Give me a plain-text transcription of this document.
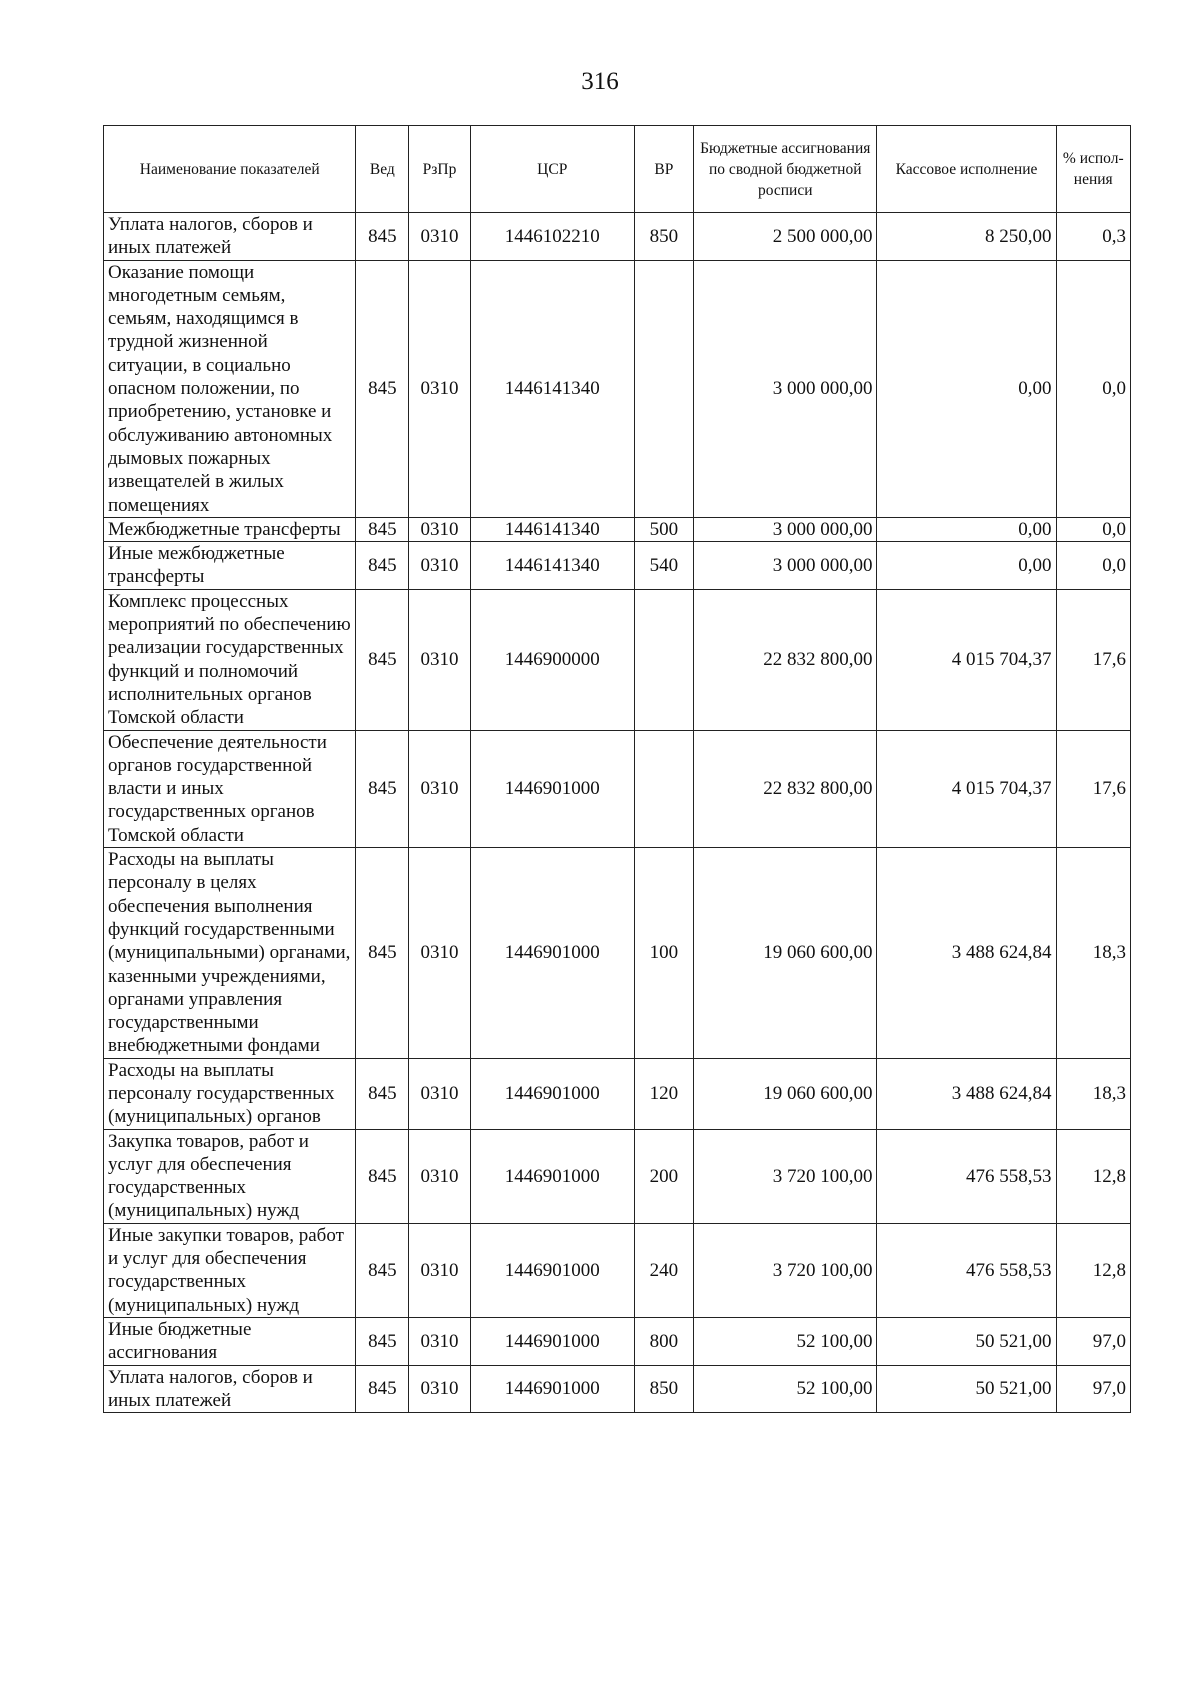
316
Наименование показателей	Вед	РзПр	ЦСР	ВР	Бюджетные ассигнования по сводной бюджетной росписи	Кассовое исполнение	% испол-нения
Уплата налогов, сборов и иных платежей	845	0310	1446102210	850	2 500 000,00	8 250,00	0,3
Оказание помощи многодетным семьям, семьям, находящимся в трудной жизненной ситуации, в социально опасном положении, по приобретению, установке и обслуживанию автономных дымовых пожарных извещателей в жилых помещениях	845	0310	1446141340		3 000 000,00	0,00	0,0
Межбюджетные трансферты	845	0310	1446141340	500	3 000 000,00	0,00	0,0
Иные межбюджетные трансферты	845	0310	1446141340	540	3 000 000,00	0,00	0,0
Комплекс процессных мероприятий по обеспечению реализации государственных функций и полномочий исполнительных органов Томской области	845	0310	1446900000		22 832 800,00	4 015 704,37	17,6
Обеспечение деятельности органов государственной власти и иных государственных органов Томской области	845	0310	1446901000		22 832 800,00	4 015 704,37	17,6
Расходы на выплаты персоналу в целях обеспечения выполнения функций государственными (муниципальными) органами, казенными учреждениями, органами управления государственными внебюджетными фондами	845	0310	1446901000	100	19 060 600,00	3 488 624,84	18,3
Расходы на выплаты персоналу государственных (муниципальных) органов	845	0310	1446901000	120	19 060 600,00	3 488 624,84	18,3
Закупка товаров, работ и услуг для обеспечения государственных (муниципальных) нужд	845	0310	1446901000	200	3 720 100,00	476 558,53	12,8
Иные закупки товаров, работ и услуг для обеспечения государственных (муниципальных) нужд	845	0310	1446901000	240	3 720 100,00	476 558,53	12,8
Иные бюджетные ассигнования	845	0310	1446901000	800	52 100,00	50 521,00	97,0
Уплата налогов, сборов и иных платежей	845	0310	1446901000	850	52 100,00	50 521,00	97,0
